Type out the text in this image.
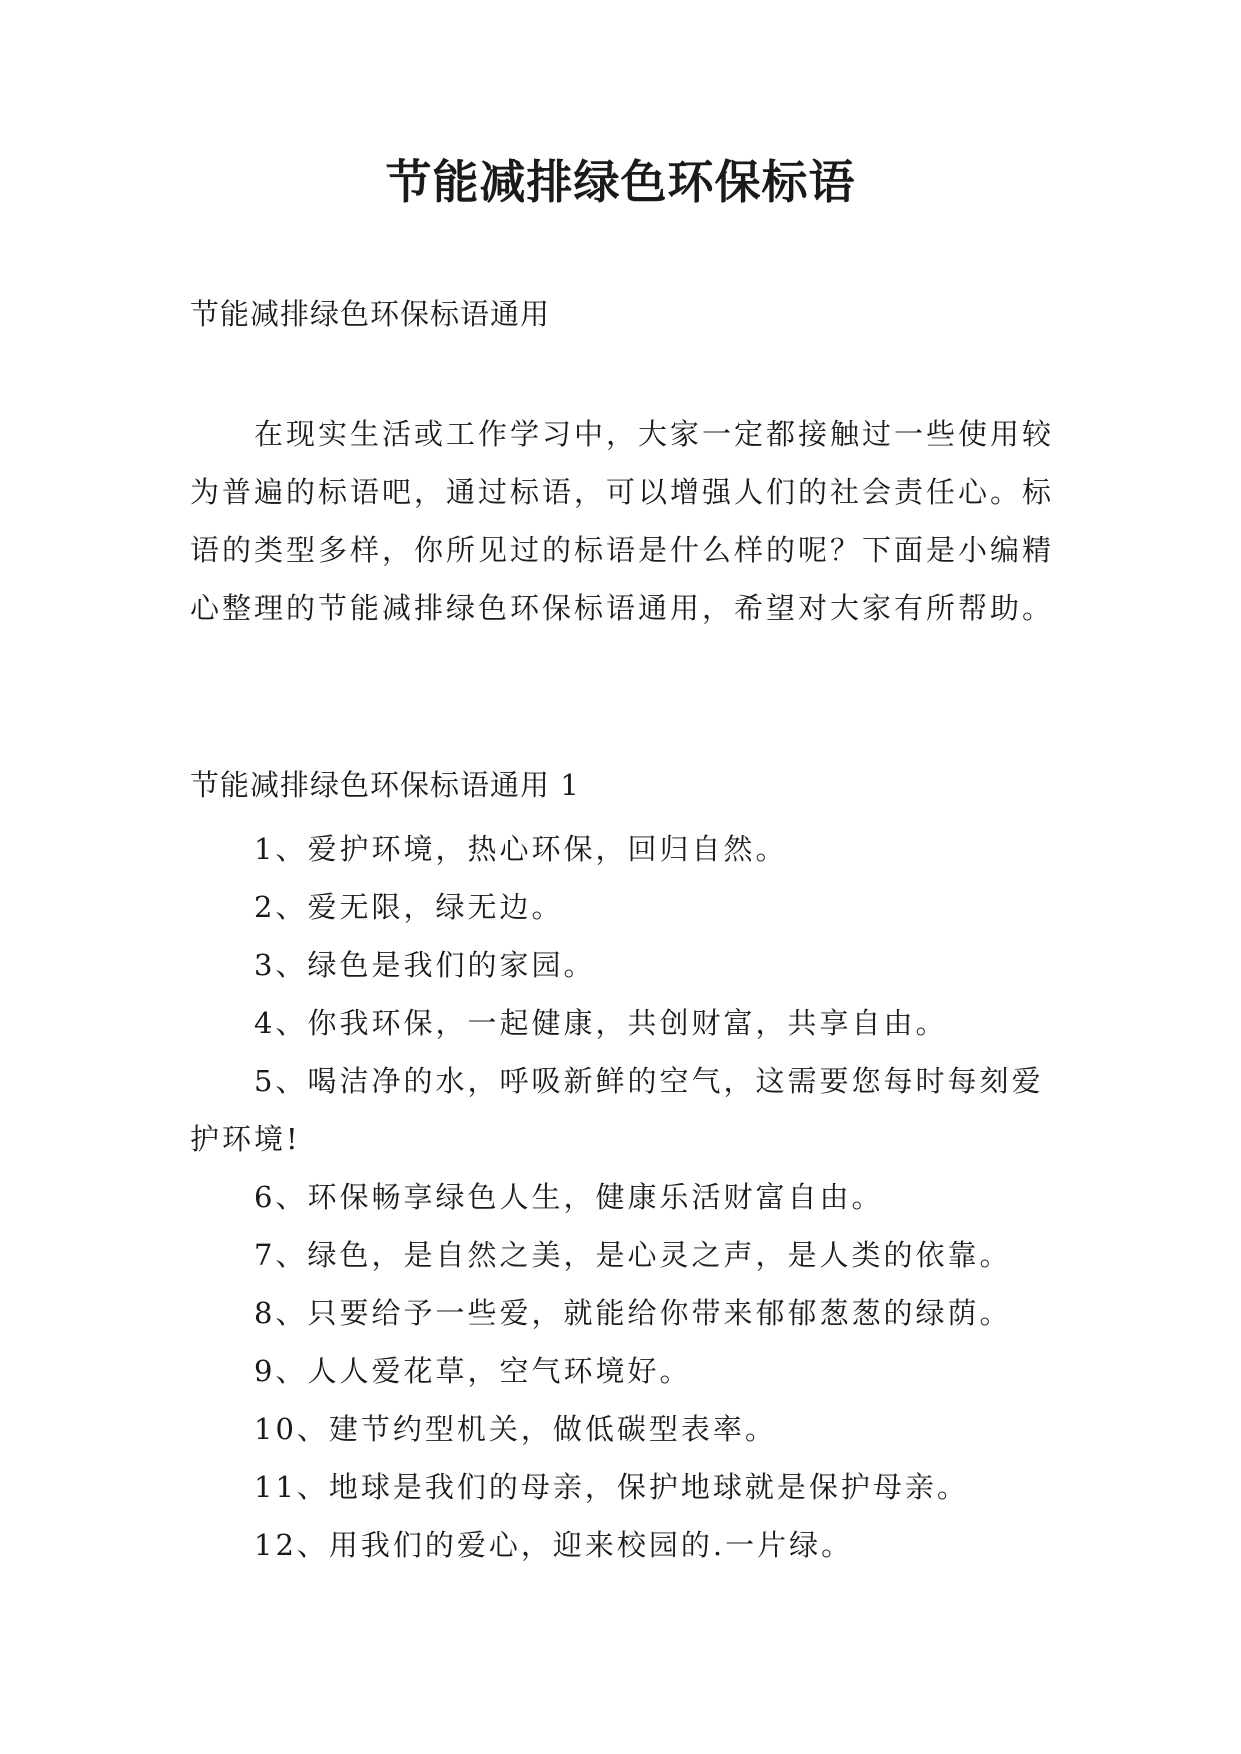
节能减排绿色环保标语

节能减排绿色环保标语通用

在现实生活或工作学习中，大家一定都接触过一些使用较为普遍的标语吧，通过标语，可以增强人们的社会责任心。标语的类型多样，你所见过的标语是什么样的呢？下面是小编精心整理的节能减排绿色环保标语通用，希望对大家有所帮助。

节能减排绿色环保标语通用 1

1、爱护环境，热心环保，回归自然。
2、爱无限，绿无边。
3、绿色是我们的家园。
4、你我环保，一起健康，共创财富，共享自由。
5、喝洁净的水，呼吸新鲜的空气，这需要您每时每刻爱护环境!
6、环保畅享绿色人生，健康乐活财富自由。
7、绿色，是自然之美，是心灵之声，是人类的依靠。
8、只要给予一些爱，就能给你带来郁郁葱葱的绿荫。
9、人人爱花草，空气环境好。
10、建节约型机关，做低碳型表率。
11、地球是我们的母亲，保护地球就是保护母亲。
12、用我们的爱心，迎来校园的.一片绿。
